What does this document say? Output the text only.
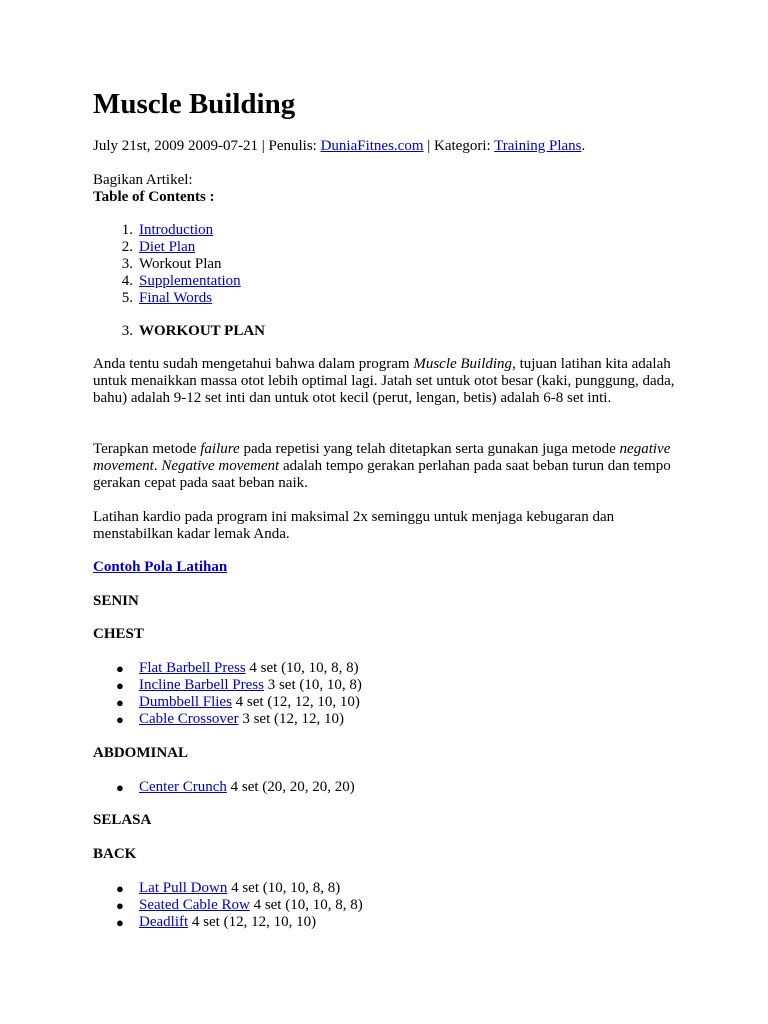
Muscle Building
July 21st, 2009 2009-07-21 | Penulis: DuniaFitnes.com | Kategori: Training Plans.
Bagikan Artikel:
Table of Contents :
1. Introduction
2. Diet Plan
3. Workout Plan
4. Supplementation
5. Final Words
3. WORKOUT PLAN

Anda tentu sudah mengetahui bahwa dalam program Muscle Building, tujuan latihan kita adalah untuk menaikkan massa otot lebih optimal lagi. Jatah set untuk otot besar (kaki, punggung, dada, bahu) adalah 9-12 set inti dan untuk otot kecil (perut, lengan, betis) adalah 6-8 set inti.

Terapkan metode failure pada repetisi yang telah ditetapkan serta gunakan juga metode negative movement. Negative movement adalah tempo gerakan perlahan pada saat beban turun dan tempo gerakan cepat pada saat beban naik.

Latihan kardio pada program ini maksimal 2x seminggu untuk menjaga kebugaran dan menstabilkan kadar lemak Anda.

Contoh Pola Latihan
SENIN
CHEST
● Flat Barbell Press 4 set (10, 10, 8, 8)
● Incline Barbell Press 3 set (10, 10, 8)
● Dumbbell Flies 4 set (12, 12, 10, 10)
● Cable Crossover 3 set (12, 12, 10)
ABDOMINAL
● Center Crunch 4 set (20, 20, 20, 20)
SELASA
BACK
● Lat Pull Down 4 set (10, 10, 8, 8)
● Seated Cable Row 4 set (10, 10, 8, 8)
● Deadlift 4 set (12, 12, 10, 10)
